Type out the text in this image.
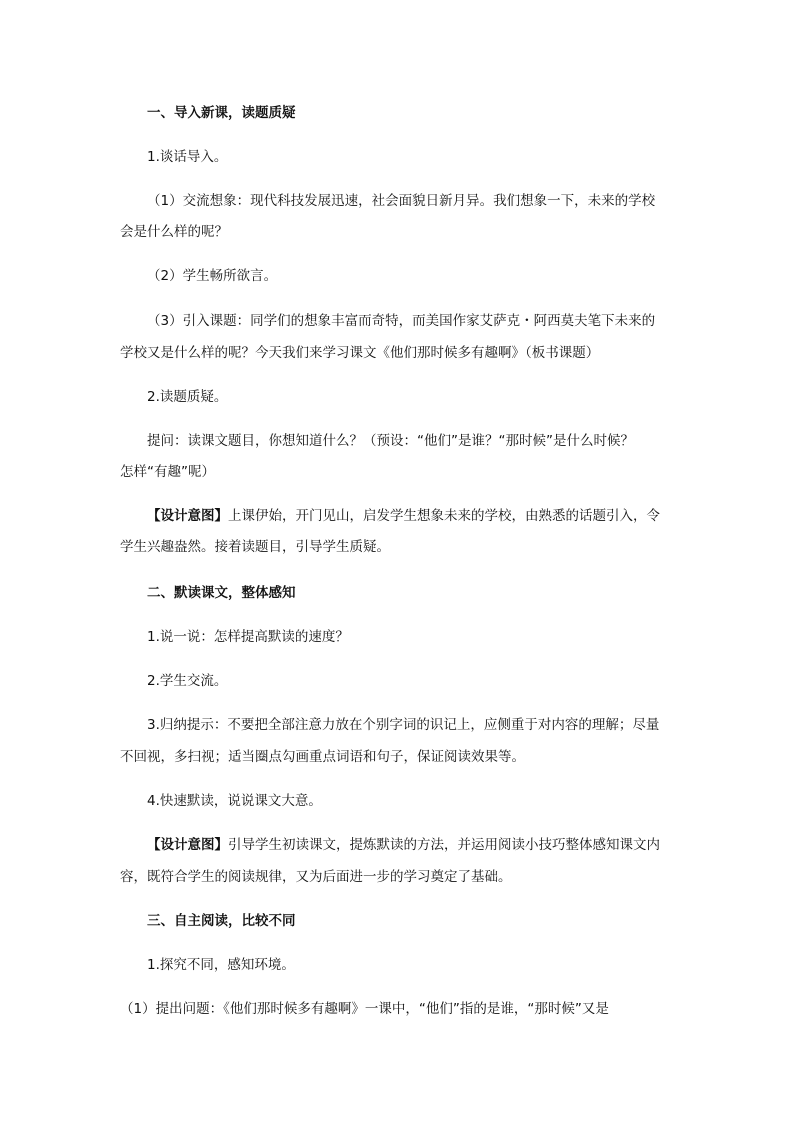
一、导入新课，读题质疑
1.谈话导入。
（1）交流想象：现代科技发展迅速，社会面貌日新月异。我们想象一下，未来的学校
会是什么样的呢？
（2）学生畅所欲言。
（3）引入课题：同学们的想象丰富而奇特，而美国作家艾萨克・阿西莫夫笔下未来的
学校又是什么样的呢？今天我们来学习课文《他们那时候多有趣啊》（板书课题）
2.读题质疑。
提问：读课文题目，你想知道什么？（预设：“他们”是谁？“那时候”是什么时候？
怎样“有趣”呢）
【设计意图】上课伊始，开门见山，启发学生想象未来的学校，由熟悉的话题引入，令
学生兴趣盎然。接着读题目，引导学生质疑。
二、默读课文，整体感知
1.说一说：怎样提高默读的速度？
2.学生交流。
3.归纳提示：不要把全部注意力放在个别字词的识记上，应侧重于对内容的理解；尽量
不回视，多扫视；适当圈点勾画重点词语和句子，保证阅读效果等。
4.快速默读，说说课文大意。
【设计意图】引导学生初读课文，提炼默读的方法，并运用阅读小技巧整体感知课文内
容，既符合学生的阅读规律，又为后面进一步的学习奠定了基础。
三、自主阅读，比较不同
1.探究不同，感知环境。
（1）提出问题：《他们那时候多有趣啊》一课中，“他们”指的是谁，“那时候”又是
